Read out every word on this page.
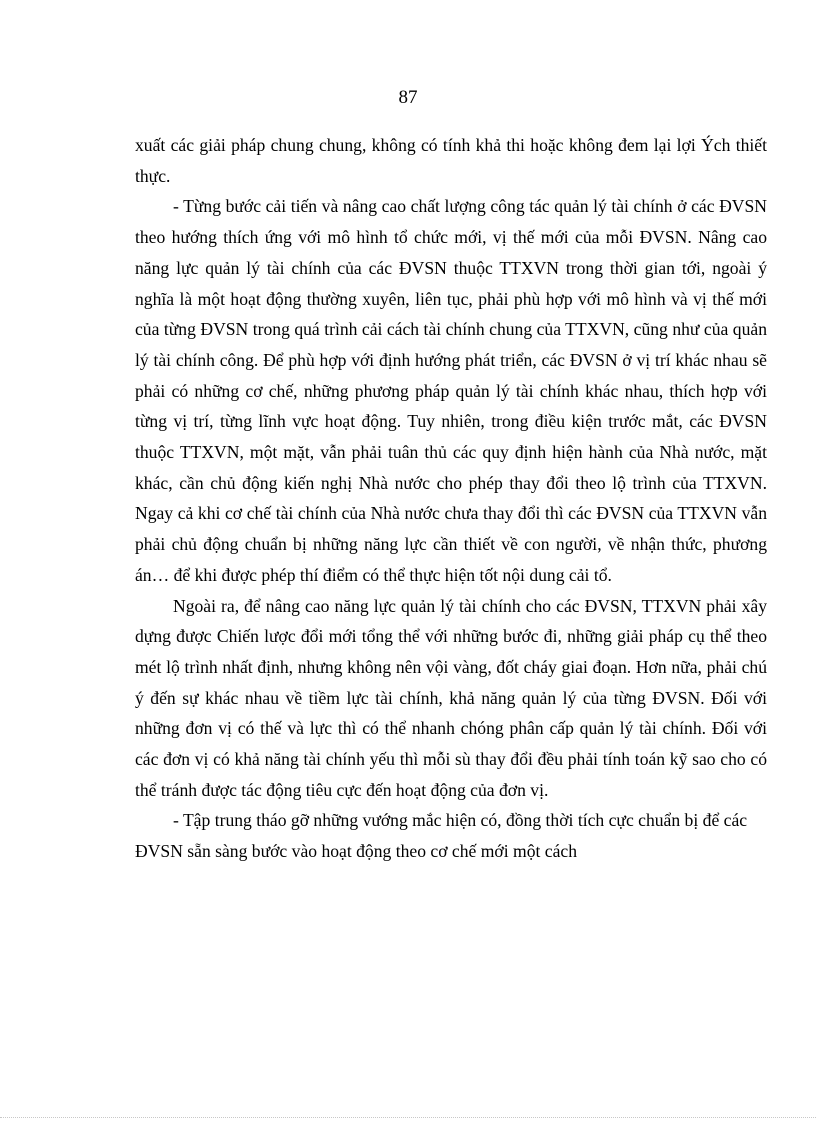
87

xuất các giải pháp chung chung, không có tính khả thi hoặc không đem lại lợi Ých thiết thực.

- Từng bước cải tiến và nâng cao chất lượng công tác quản lý tài chính ở các ĐVSN theo hướng thích ứng với mô hình tổ chức mới, vị thế mới của mỗi ĐVSN. Nâng cao năng lực quản lý tài chính của các ĐVSN thuộc TTXVN trong thời gian tới, ngoài ý nghĩa là một hoạt động thường xuyên, liên tục, phải phù hợp với mô hình và vị thế mới của từng ĐVSN trong quá trình cải cách tài chính chung của TTXVN, cũng như của quản lý tài chính công. Để phù hợp với định hướng phát triển, các ĐVSN ở vị trí khác nhau sẽ phải có những cơ chế, những phương pháp quản lý tài chính khác nhau, thích hợp với từng vị trí, từng lĩnh vực hoạt động. Tuy nhiên, trong điều kiện trước mắt, các ĐVSN thuộc TTXVN, một mặt, vẫn phải tuân thủ các quy định hiện hành của Nhà nước, mặt khác, cần chủ động kiến nghị Nhà nước cho phép thay đổi theo lộ trình của TTXVN. Ngay cả khi cơ chế tài chính của Nhà nước chưa thay đổi thì các ĐVSN của TTXVN vẫn phải chủ động chuẩn bị những năng lực cần thiết về con người, về nhận thức, phương án… để khi được phép thí điểm có thể thực hiện tốt nội dung cải tổ.

Ngoài ra, để nâng cao năng lực quản lý tài chính cho các ĐVSN, TTXVN phải xây dựng được Chiến lược đổi mới tổng thể với những bước đi, những giải pháp cụ thể theo mét lộ trình nhất định, nhưng không nên vội vàng, đốt cháy giai đoạn. Hơn nữa, phải chú ý đến sự khác nhau về tiềm lực tài chính, khả năng quản lý của từng ĐVSN. Đối với những đơn vị có thế và lực thì có thể nhanh chóng phân cấp quản lý tài chính. Đối với các đơn vị có khả năng tài chính yếu thì mỗi sù thay đổi đều phải tính toán kỹ sao cho có thể tránh được tác động tiêu cực đến hoạt động của đơn vị.

- Tập trung tháo gỡ những vướng mắc hiện có, đồng thời tích cực chuẩn bị để các ĐVSN sẵn sàng bước vào hoạt động theo cơ chế mới một cách
